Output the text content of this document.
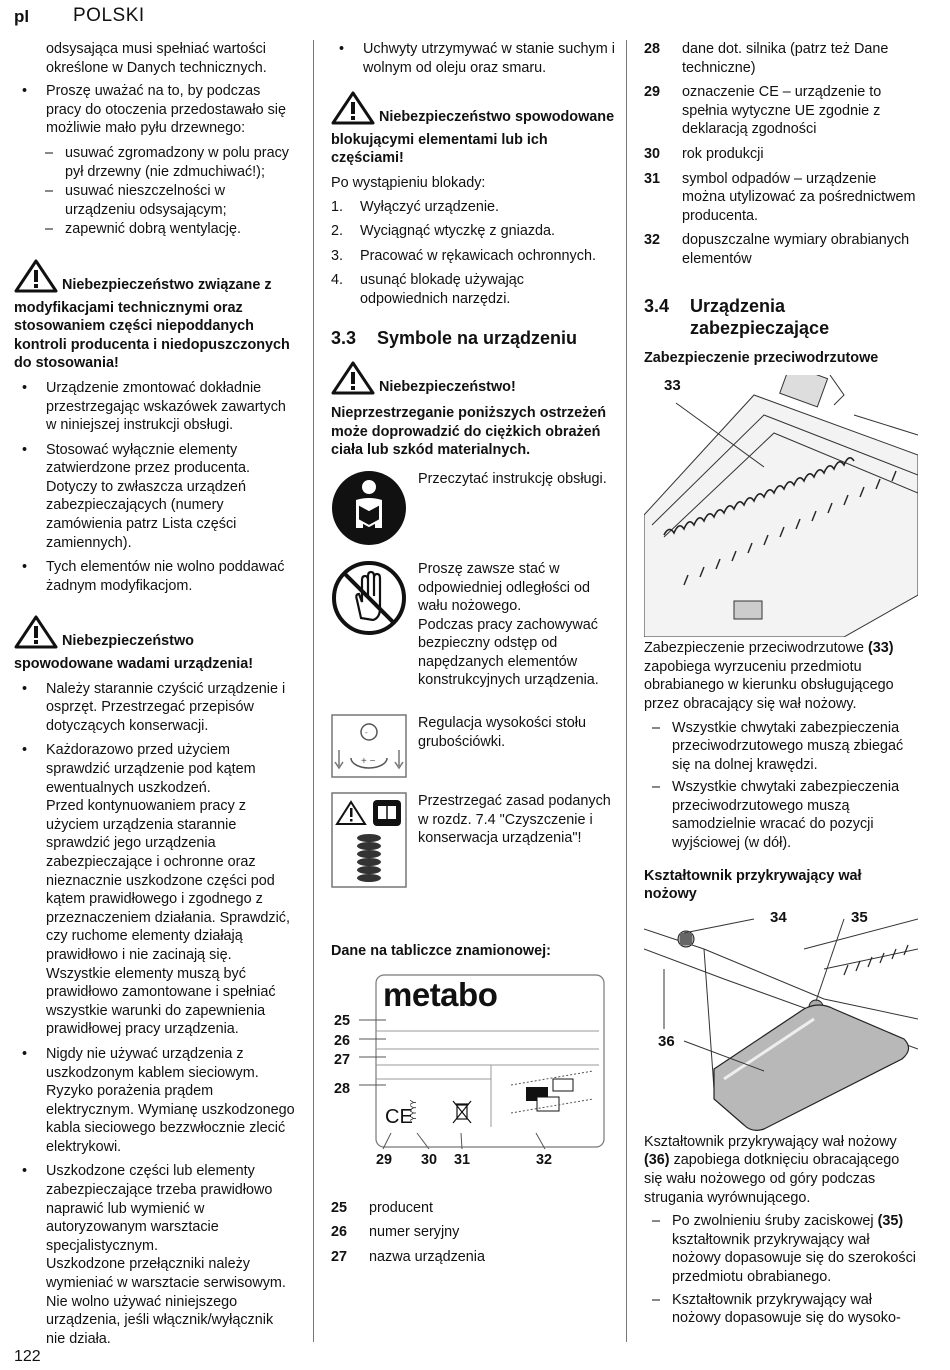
pl POLSKI

odsysająca musi spełniać wartości określone w Danych technicznych.

• Proszę uważać na to, by podczas pracy do otoczenia przedostawało się możliwie mało pyłu drzewnego:
– usuwać zgromadzony w polu pracy pył drzewny (nie zdmuchiwać!);
– usuwać nieszczelności w urządzeniu odsysającym;
– zapewnić dobrą wentylację.
Niebezpieczeństwo związane z modyfikacjami technicznymi oraz stosowaniem części niepoddanych kontroli producenta i niedopuszczonych do stosowania!
• Urządzenie zmontować dokładnie przestrzegając wskazówek zawartych w niniejszej instrukcji obsługi.
• Stosować wyłącznie elementy zatwierdzone przez producenta. Dotyczy to zwłaszcza urządzeń zabezpieczających (numery zamówienia patrz Lista części zamiennych).
• Tych elementów nie wolno poddawać żadnym modyfikacjom.
Niebezpieczeństwo spowodowane wadami urządzenia!
• Należy starannie czyścić urządzenie i osprzęt. Przestrzegać przepisów dotyczących konserwacji.
• Każdorazowo przed użyciem sprawdzić urządzenie pod kątem ewentualnych uszkodzeń.
Przed kontynuowaniem pracy z użyciem urządzenia starannie sprawdzić jego urządzenia zabezpieczające i ochronne oraz nieznacznie uszkodzone części pod kątem prawidłowego i zgodnego z przeznaczeniem działania. Sprawdzić, czy ruchome elementy działają prawidłowo i nie zacinają się. Wszystkie elementy muszą być prawidłowo zamontowane i spełniać wszystkie warunki do zapewnienia prawidłowej pracy urządzenia.
• Nigdy nie używać urządzenia z uszkodzonym kablem sieciowym. Ryzyko porażenia prądem elektrycznym. Wymianę uszkodzonego kabla sieciowego bezzwłocznie zlecić elektrykowi.
• Uszkodzone części lub elementy zabezpieczające trzeba prawidłowo naprawić lub wymienić w autoryzowanym warsztacie specjalistycznym.
Uszkodzone przełączniki należy wymieniać w warsztacie serwisowym. Nie wolno używać niniejszego urządzenia, jeśli włącznik/wyłącznik nie działa.
• Uchwyty utrzymywać w stanie suchym i wolnym od oleju oraz smaru.
Niebezpieczeństwo spowodowane blokującymi elementami lub ich częściami!

Po wystąpieniu blokady:

1. Wyłączyć urządzenie.
2. Wyciągnąć wtyczkę z gniazda.
3. Pracować w rękawicach ochronnych.
4. usunąć blokadę używając odpowiednich narzędzi.
3.3 Symbole na urządzeniu
Niebezpieczeństwo!

Nieprzestrzeganie poniższych ostrzeżeń może doprowadzić do ciężkich obrażeń ciała lub szkód materialnych.

Przeczytać instrukcję obsługi.
Proszę zawsze stać w odpowiedniej odległości od wału nożowego.
Podczas pracy zachowywać bezpieczny odstęp od napędzanych elementów konstrukcyjnych urządzenia.
-
+ −
Regulacja wysokości stołu grubościówki.
Przestrzegać zasad podanych w rozdz. 7.4 "Czyszczenie i konserwacja urządzenia"!

Dane na tabliczce znamionowej:

CE
YYYY
metabo
25
26
27
28
29 30 31	32
25 producent
26 numer seryjny
27 nazwa urządzenia
28 dane dot. silnika (patrz też Dane techniczne)
29 oznaczenie CE – urządzenie to spełnia wytyczne UE zgodnie z deklaracją zgodności
30 rok produkcji
31 symbol odpadów – urządzenie można utylizować za pośrednictwem producenta.
32 dopuszczalne wymiary obrabianych elementów
3.4	Urządzenia zabezpieczające

Zabezpieczenie przeciwodrzutowe

33

Zabezpieczenie przeciwodrzutowe (33) zapobiega wyrzuceniu przedmiotu obrabianego w kierunku obsługującego przez obracający się wał nożowy.

– Wszystkie chwytaki zabezpieczenia przeciwodrzutowego muszą zbiegać się na dolnej krawędzi.
– Wszystkie chwytaki zabezpieczenia przeciwodrzutowego muszą samodzielnie wracać do pozycji wyjściowej (w dół).

Kształtownik przykrywający wał nożowy

34	35
36

Kształtownik przykrywający wał nożowy (36) zapobiega dotknięciu obracającego się wału nożowego od góry podczas strugania wyrównującego.

– Po zwolnieniu śruby zaciskowej (35) kształtownik przykrywający wał nożowy dopasowuje się do szerokości przedmiotu obrabianego.
– Kształtownik przykrywający wał nożowy dopasowuje się do wysoko-
122
